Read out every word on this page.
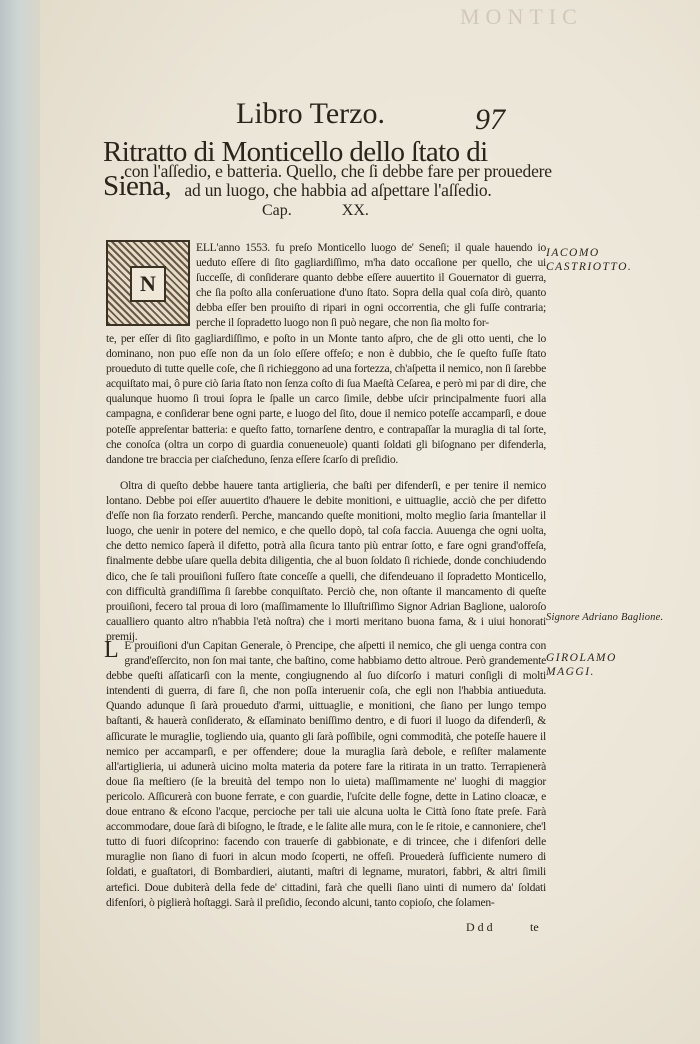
MONTIC
Libro Terzo.	97
Ritratto di Monticello dello ſtato di Siena,
con l'aſſedio, e batteria. Quello, che ſi debbe fare per prouedere ad un luogo, che habbia ad aſpettare l'aſſedio.
Cap.	XX.
N
ELL'anno 1553. fu preſo Monticello luogo de' Seneſi; il quale hauendo io ueduto eſſere di ſito gagliardiſſimo, m'ha dato occaſione per quello, che ui ſucceſſe, di conſiderare quanto debbe eſſere auuertito il Gouernator di guerra, che ſia poſto alla conſeruatione d'uno ſtato. Sopra della qual coſa dirò, quanto debba eſſer ben prouiſto di ripari in ogni occorrentia, che gli fuſſe contraria; perche il ſopradetto luogo non ſi può negare, che non ſia molto for-
te, per eſſer di ſito gagliardiſſimo, e poſto in un Monte tanto aſpro, che de gli otto uenti, che lo dominano, non puo eſſe non da un ſolo eſſere offeſo; e non è dubbio, che ſe queſto fuſſe ſtato proueduto di tutte quelle coſe, che ſi richieggono ad una fortezza, ch'aſpetta il nemico, non ſi ſarebbe acquiſtato mai, ô pure ciò ſaria ſtato non ſenza coſto di ſua Maeſtà Ceſarea, e però mi par di dire, che qualunque huomo ſi troui ſopra le ſpalle un carco ſimile, debbe uſcir principalmente fuori alla campagna, e conſiderar bene ogni parte, e luogo del ſito, doue il nemico poteſſe accamparſi, e doue poteſſe appreſentar batteria: e queſto fatto, tornarſene dentro, e contrapaſſar la muraglia di tal ſorte, che conoſca (oltra un corpo di guardia conueneuole) quanti ſoldati gli biſognano per difenderla, dandone tre braccia per ciaſcheduno, ſenza eſſere ſcarſo di preſidio.
Oltra di queſto debbe hauere tanta artiglieria, che baſti per difenderſi, e per tenire il nemico lontano. Debbe poi eſſer auuertito d'hauere le debite monitioni, e uittuaglie, acciò che per difetto d'eſſe non ſia forzato renderſi. Perche, mancando queſte monitioni, molto meglio ſaria ſmantellar il luogo, che uenir in potere del nemico, e che quello dopò, tal coſa faccia. Auuenga che ogni uolta, che detto nemico ſaperà il difetto, potrà alla ſicura tanto più entrar ſotto, e fare ogni grand'offeſa, finalmente debbe uſare quella debita diligentia, che al buon ſoldato ſi richiede, donde conchiudendo dico, che ſe tali prouiſioni fuſſero ſtate conceſſe a quelli, che difendeuano il ſopradetto Monticello, con difficultà grandiſſima ſi ſarebbe conquiſtato. Perciò che, non oſtante il mancamento di queſte prouiſioni, fecero tal proua di loro (maſſimamente lo Illuſtriſſimo Signor Adrian Baglione, ualoroſo caualliero quanto altro n'habbia l'età noſtra) che i morti meritano buona fama, & i uiui honorati premij.
L E prouiſioni d'un Capitan Generale, ò Prencipe, che aſpetti il nemico, che gli uenga contra con grand'eſſercito, non ſon mai tante, che baſtino, come habbiamo detto altroue. Però grandemente debbe queſti aſſaticarſi con la mente, congiugnendo al ſuo diſcorſo i maturi conſigli di molti intendenti di guerra, di fare ſi, che non poſſa interuenir coſa, che egli non l'habbia antiueduta. Quando adunque ſi ſarà proueduto d'armi, uittuaglie, e monitioni, che ſiano per lungo tempo baſtanti, & hauerà conſiderato, & eſſaminato beniſſimo dentro, e di fuori il luogo da difenderſi, & aſſicurate le muraglie, togliendo uia, quanto gli ſarà poſſibile, ogni commodità, che poteſſe hauere il nemico per accamparſi, e per offendere; doue la muraglia ſarà debole, e reſiſter malamente all'artiglieria, ui adunerà uicino molta materia da potere fare la ritirata in un tratto. Terrapienerà doue ſia meſtiero (ſe la breuità del tempo non lo uieta) maſſimamente ne' luoghi di maggior pericolo. Aſſicurerà con buone ferrate, e con guardie, l'uſcite delle fogne, dette in Latino cloacæ, e doue entrano & eſcono l'acque, percioche per tali uie alcuna uolta le Città ſono ſtate preſe. Farà accommodare, doue ſarà di biſogno, le ſtrade, e le ſalite alle mura, con le ſe ritoie, e cannoniere, che'l tutto di fuori diſcoprino: facendo con trauerſe di gabbionate, e di trincee, che i difenſori delle muraglie non ſiano di fuori in alcun modo ſcoperti, ne offeſi. Prouederà ſufficiente numero di ſoldati, e guaſtatori, di Bombardieri, aiutanti, maſtri di legname, muratori, fabbri, & altri ſimili artefici. Doue dubiterà della fede de' cittadini, farà che quelli ſiano uinti di numero da' ſoldati difenſori, ò piglierà hoſtaggi. Sarà il preſidio, ſecondo alcuni, tanto copioſo, che ſolamen-
IACOMO CASTRIOTTO.
Signore Adriano Baglione.
GIROLAMO MAGGI.
Ddd	te
